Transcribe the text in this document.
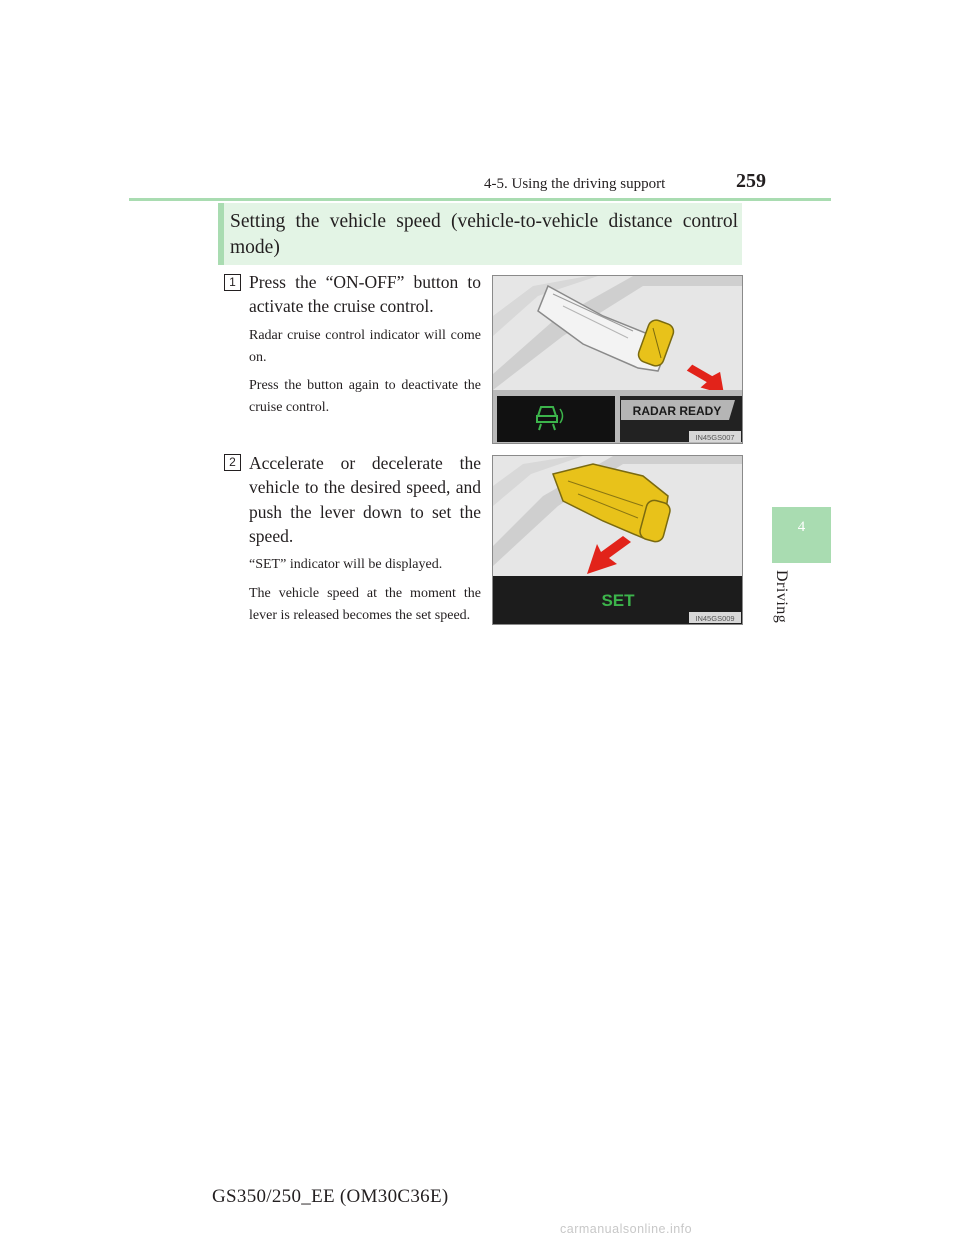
4-5. Using the driving support	259
4
Driving
Setting the vehicle speed (vehicle-to-vehicle distance control mode)
1 Press the “ON-OFF” button to activate the cruise control.
Radar cruise control indicator will come on.
Press the button again to deactivate the cruise control.	RADAR READY
IN45GS007
2 Accelerate or decelerate the vehicle to the desired speed, and push the lever down to set the speed.
“SET” indicator will be displayed.
The vehicle speed at the moment the lever is released becomes the set speed.
SET
IN45GS009
GS350/250_EE (OM30C36E)
carmanualsonline.info
